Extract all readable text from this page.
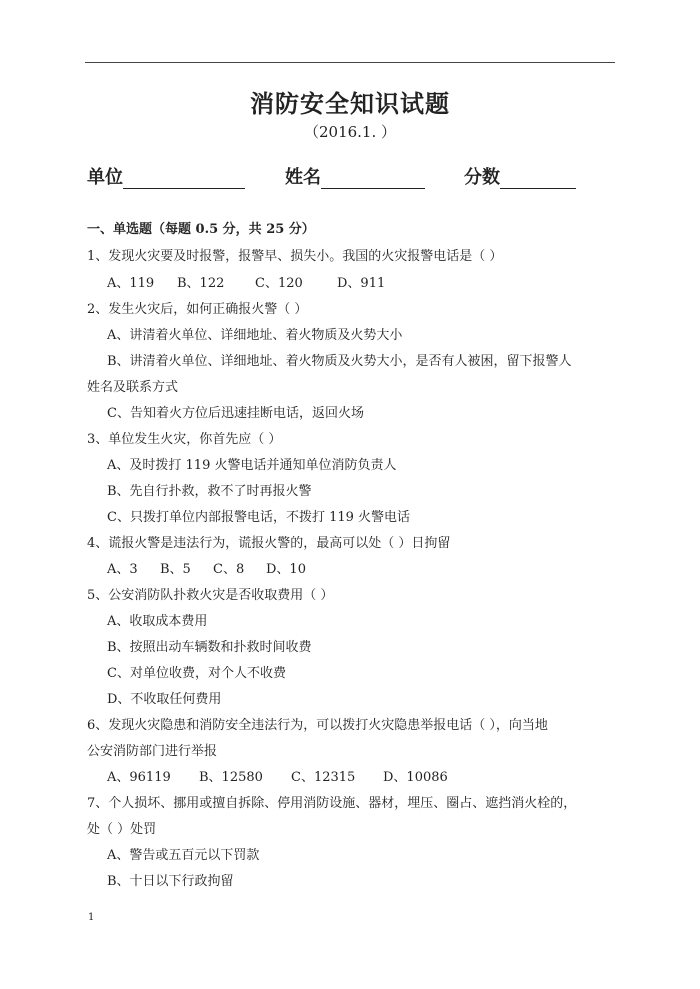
消防安全知识试题
（2016.1. ）
单位	姓名	分数
一、单选题（每题 0.5 分，共 25 分）
1、发现火灾要及时报警，报警早、损失小。我国的火灾报警电话是（ ）
A、119 B、122 C、120	D、911
2、发生火灾后，如何正确报火警（ ）
A、讲清着火单位、详细地址、着火物质及火势大小
B、讲清着火单位、详细地址、着火物质及火势大小，是否有人被困，留下报警人
姓名及联系方式
C、告知着火方位后迅速挂断电话，返回火场
3、单位发生火灾，你首先应（ ）
A、及时拨打 119 火警电话并通知单位消防负责人
B、先自行扑救，救不了时再报火警
C、只拨打单位内部报警电话，不拨打 119 火警电话
4、谎报火警是违法行为，谎报火警的，最高可以处（ ）日拘留
A、3 B、5 C、8 D、10
5、公安消防队扑救火灾是否收取费用（ ）
A、收取成本费用
B、按照出动车辆数和扑救时间收费
C、对单位收费，对个人不收费
D、不收取任何费用
6、发现火灾隐患和消防安全违法行为，可以拨打火灾隐患举报电话（ ），向当地
公安消防部门进行举报
A、96119 B、12580 C、12315 D、10086
7、个人损坏、挪用或擅自拆除、停用消防设施、器材，埋压、圈占、遮挡消火栓的，
处（ ）处罚
A、警告或五百元以下罚款
B、十日以下行政拘留
1
